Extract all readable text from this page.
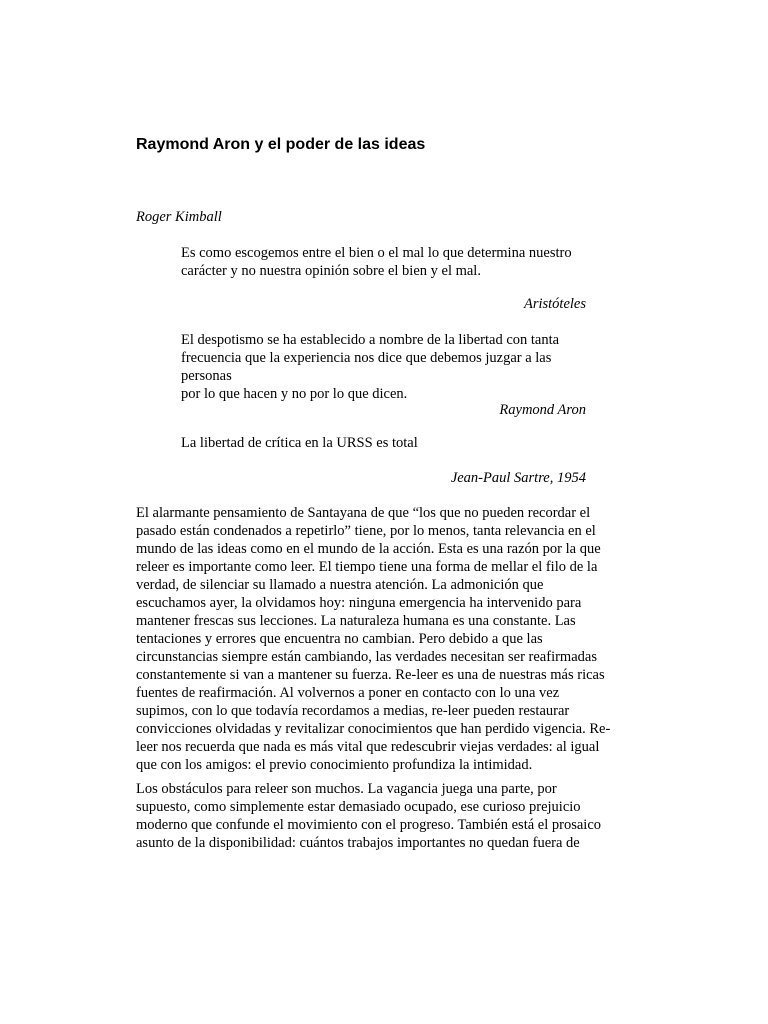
Raymond Aron y el poder de las ideas

Roger Kimball

Es como escogemos entre el bien o el mal lo que determina nuestro
carácter y no nuestra opinión sobre el bien y el mal.

Aristóteles

El despotismo se ha establecido a nombre de la libertad con tanta
frecuencia que la experiencia nos dice que debemos juzgar a las personas
por lo que hacen y no por lo que dicen.

Raymond Aron

La libertad de crítica en la URSS es total

Jean-Paul Sartre, 1954

El alarmante pensamiento de Santayana de que “los que no pueden recordar el
pasado están condenados a repetirlo” tiene, por lo menos, tanta relevancia en el
mundo de las ideas como en el mundo de la acción. Esta es una razón por la que
releer es importante como leer. El tiempo tiene una forma de mellar el filo de la
verdad, de silenciar su llamado a nuestra atención. La admonición que
escuchamos ayer, la olvidamos hoy: ninguna emergencia ha intervenido para
mantener frescas sus lecciones. La naturaleza humana es una constante. Las
tentaciones y errores que encuentra no cambian. Pero debido a que las
circunstancias siempre están cambiando, las verdades necesitan ser reafirmadas
constantemente si van a mantener su fuerza. Re-leer es una de nuestras más ricas
fuentes de reafirmación. Al volvernos a poner en contacto con lo una vez
supimos, con lo que todavía recordamos a medias, re-leer pueden restaurar
convicciones olvidadas y revitalizar conocimientos que han perdido vigencia. Re-
leer nos recuerda que nada es más vital que redescubrir viejas verdades: al igual
que con los amigos: el previo conocimiento profundiza la intimidad.

Los obstáculos para releer son muchos. La vagancia juega una parte, por
supuesto, como simplemente estar demasiado ocupado, ese curioso prejuicio
moderno que confunde el movimiento con el progreso. También está el prosaico
asunto de la disponibilidad: cuántos trabajos importantes no quedan fuera de
